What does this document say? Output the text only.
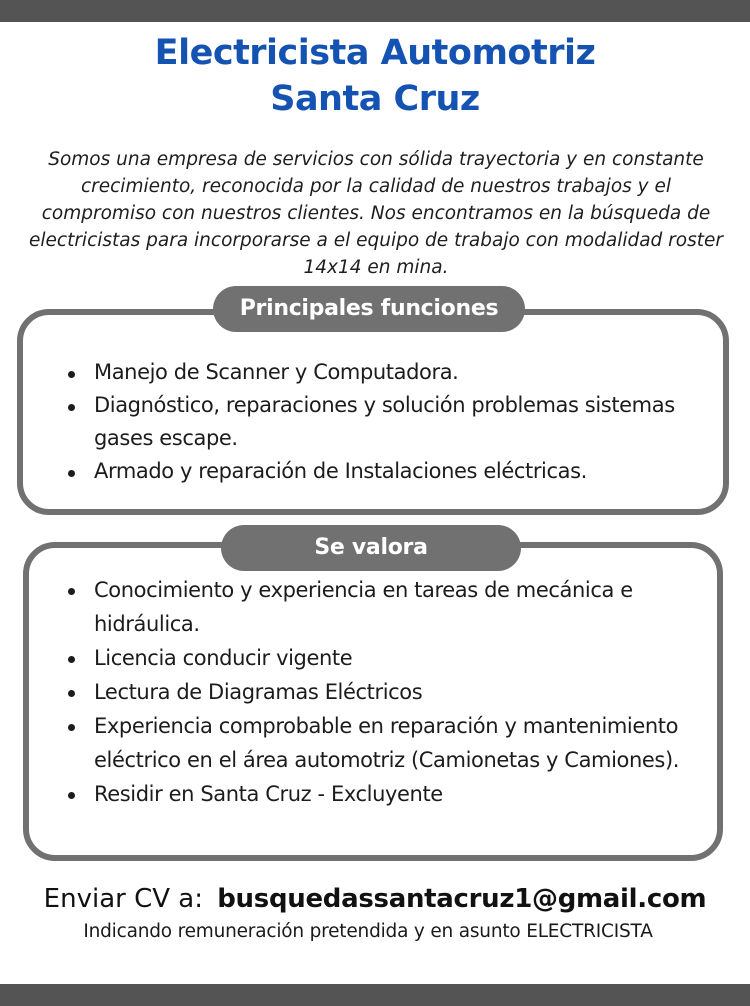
Electricista Automotriz
Santa Cruz

Somos una empresa de servicios con sólida trayectoria y en constante crecimiento, reconocida por la calidad de nuestros trabajos y el compromiso con nuestros clientes. Nos encontramos en la búsqueda de electricistas para incorporarse a el equipo de trabajo con modalidad roster 14x14 en mina.

Principales funciones
Manejo de Scanner y Computadora.
Diagnóstico, reparaciones y solución problemas sistemas gases escape.
Armado y reparación de Instalaciones eléctricas.
Se valora
Conocimiento y experiencia en tareas de mecánica e hidráulica.
Licencia conducir vigente
Lectura de Diagramas Eléctricos
Experiencia comprobable en reparación y mantenimiento eléctrico en el área automotriz (Camionetas y Camiones).
Residir en Santa Cruz - Excluyente
Enviar CV a: busquedassantacruz1@gmail.com
Indicando remuneración pretendida y en asunto ELECTRICISTA
